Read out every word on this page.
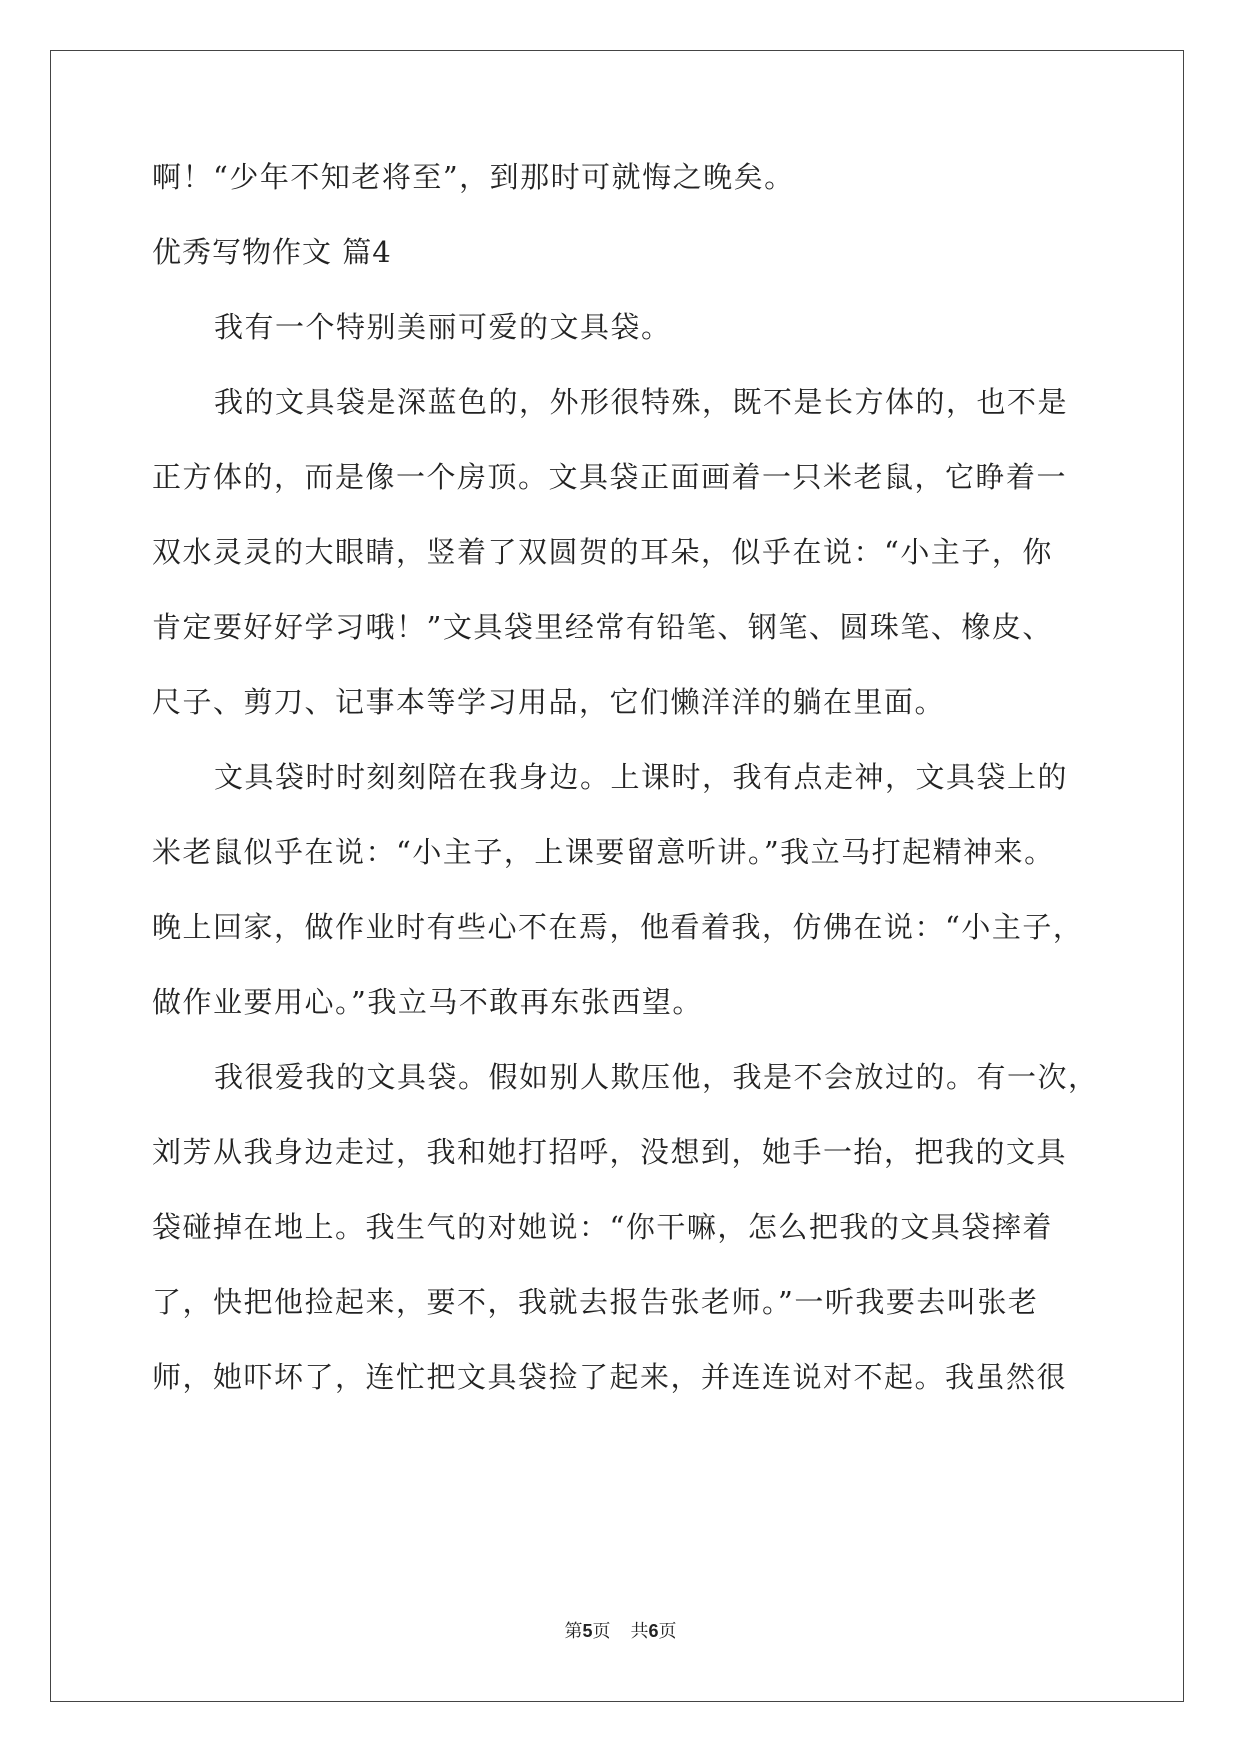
啊！“少年不知老将至”，到那时可就悔之晚矣。
优秀写物作文 篇4
我有一个特别美丽可爱的文具袋。
我的文具袋是深蓝色的，外形很特殊，既不是长方体的，也不是
正方体的，而是像一个房顶。文具袋正面画着一只米老鼠，它睁着一
双水灵灵的大眼睛，竖着了双圆贺的耳朵，似乎在说：“小主子，你
肯定要好好学习哦！”文具袋里经常有铅笔、钢笔、圆珠笔、橡皮、
尺子、剪刀、记事本等学习用品，它们懒洋洋的躺在里面。
文具袋时时刻刻陪在我身边。上课时，我有点走神，文具袋上的
米老鼠似乎在说：“小主子，上课要留意听讲。”我立马打起精神来。
晚上回家，做作业时有些心不在焉，他看着我，仿佛在说：“小主子，
做作业要用心。”我立马不敢再东张西望。
我很爱我的文具袋。假如别人欺压他，我是不会放过的。有一次，
刘芳从我身边走过，我和她打招呼，没想到，她手一抬，把我的文具
袋碰掉在地上。我生气的对她说：“你干嘛，怎么把我的文具袋摔着
了，快把他捡起来，要不，我就去报告张老师。”一听我要去叫张老
师，她吓坏了，连忙把文具袋捡了起来，并连连说对不起。我虽然很
第5页 共6页
